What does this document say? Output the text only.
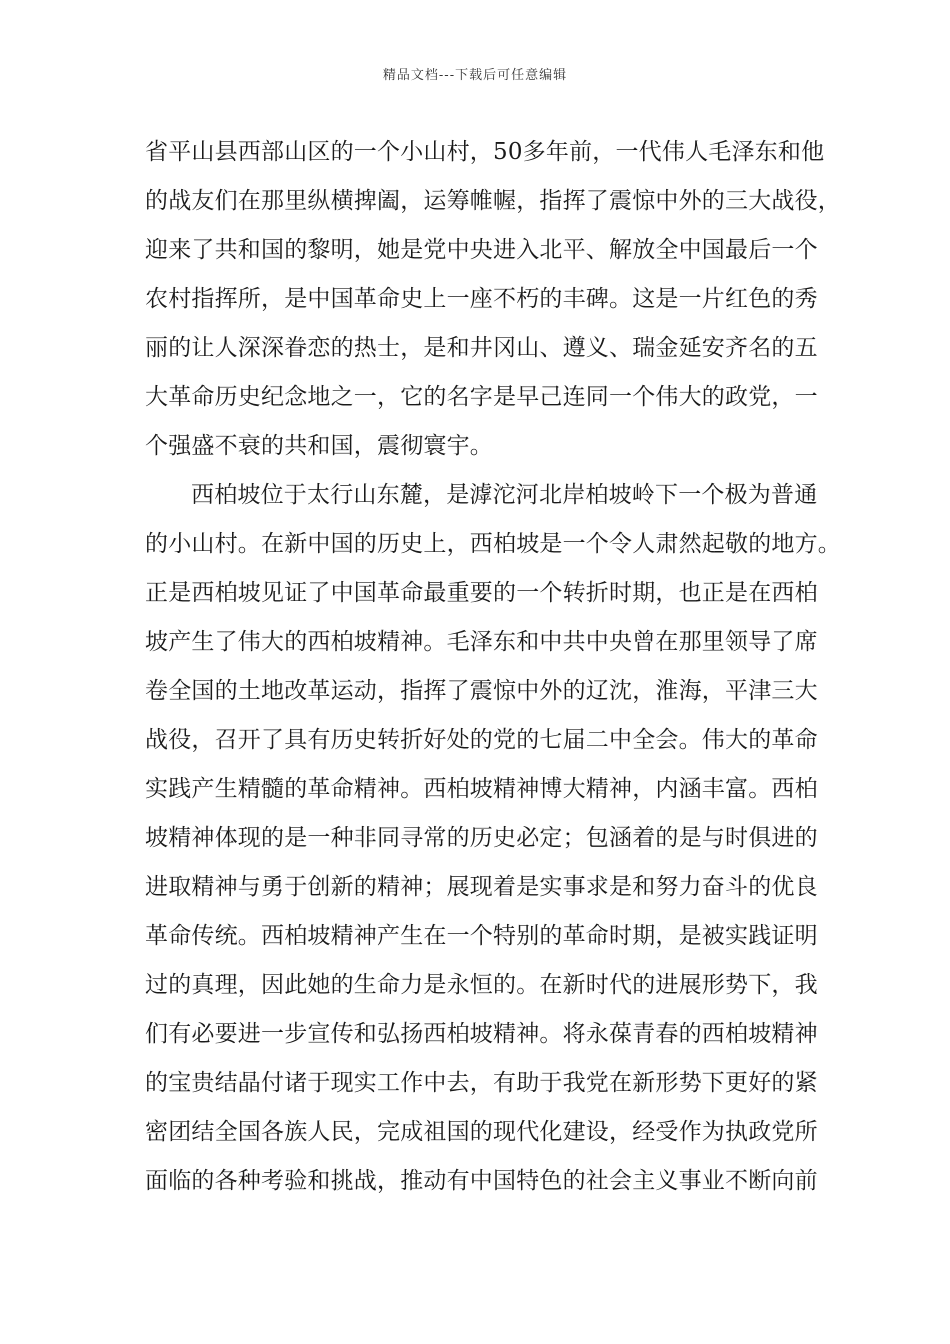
精品文档---下载后可任意编辑
省平山县西部山区的一个小山村，50多年前，一代伟人毛泽东和他
的战友们在那里纵横捭阖，运筹帷幄，指挥了震惊中外的三大战役，
迎来了共和国的黎明，她是党中央进入北平、解放全中国最后一个
农村指挥所，是中国革命史上一座不朽的丰碑。这是一片红色的秀
丽的让人深深眷恋的热士，是和井冈山、遵义、瑞金延安齐名的五
大革命历史纪念地之一，它的名字是早己连同一个伟大的政党，一
个强盛不衰的共和国，震彻寰宇。
西柏坡位于太行山东麓，是滹沱河北岸柏坡岭下一个极为普通
的小山村。在新中国的历史上，西柏坡是一个令人肃然起敬的地方。
正是西柏坡见证了中国革命最重要的一个转折时期，也正是在西柏
坡产生了伟大的西柏坡精神。毛泽东和中共中央曾在那里领导了席
卷全国的土地改革运动，指挥了震惊中外的辽沈，淮海，平津三大
战役，召开了具有历史转折好处的党的七届二中全会。伟大的革命
实践产生精髓的革命精神。西柏坡精神博大精神，内涵丰富。西柏
坡精神体现的是一种非同寻常的历史必定；包涵着的是与时俱进的
进取精神与勇于创新的精神；展现着是实事求是和努力奋斗的优良
革命传统。西柏坡精神产生在一个特别的革命时期，是被实践证明
过的真理，因此她的生命力是永恒的。在新时代的进展形势下，我
们有必要进一步宣传和弘扬西柏坡精神。将永葆青春的西柏坡精神
的宝贵结晶付诸于现实工作中去，有助于我党在新形势下更好的紧
密团结全国各族人民，完成祖国的现代化建设，经受作为执政党所
面临的各种考验和挑战，推动有中国特色的社会主义事业不断向前
